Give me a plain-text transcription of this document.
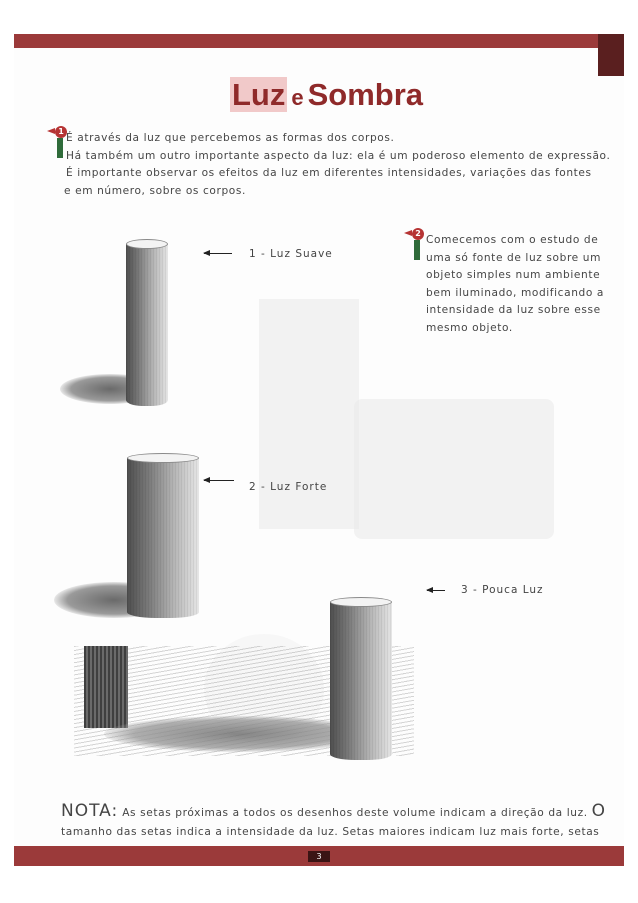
Luz e Sombra
1
É através da luz que percebemos as formas dos corpos.
Há também um outro importante aspecto da luz: ela é um poderoso elemento de expressão.
É importante observar os efeitos da luz em diferentes intensidades, variações das fontes
e em número, sobre os corpos.
2
Comecemos com o estudo de
uma só fonte de luz sobre um
objeto simples num ambiente
bem iluminado, modificando a
intensidade da luz sobre esse
mesmo objeto.
1 - Luz Suave
2 - Luz Forte
3 - Pouca Luz
NOTA: As setas próximas a todos os desenhos deste volume indicam a direção da luz. O
tamanho das setas indica a intensidade da luz. Setas maiores indicam luz mais forte, setas
3
